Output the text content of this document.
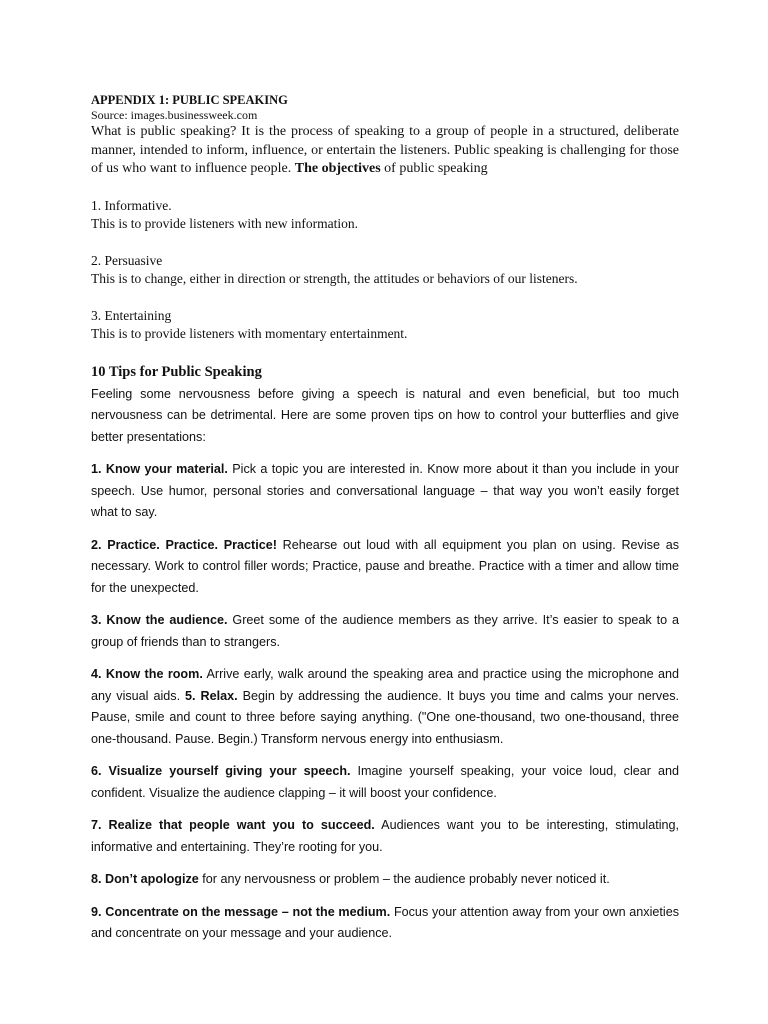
APPENDIX 1: PUBLIC SPEAKING

Source: images.businessweek.com

What is public speaking? It is the process of speaking to a group of people in a structured, deliberate manner, intended to inform, influence, or entertain the listeners. Public speaking is challenging for those of us who want to influence people. The objectives of public speaking

1. Informative.
This is to provide listeners with new information.
2. Persuasive
This is to change, either in direction or strength, the attitudes or behaviors of our listeners.
3. Entertaining
This is to provide listeners with momentary entertainment.

10 Tips for Public Speaking

Feeling some nervousness before giving a speech is natural and even beneficial, but too much nervousness can be detrimental. Here are some proven tips on how to control your butterflies and give better presentations:

1. Know your material. Pick a topic you are interested in. Know more about it than you include in your speech. Use humor, personal stories and conversational language – that way you won’t easily forget what to say.

2. Practice. Practice. Practice! Rehearse out loud with all equipment you plan on using. Revise as necessary. Work to control filler words; Practice, pause and breathe. Practice with a timer and allow time for the unexpected.

3. Know the audience. Greet some of the audience members as they arrive. It’s easier to speak to a group of friends than to strangers.

4. Know the room. Arrive early, walk around the speaking area and practice using the microphone and any visual aids. 5. Relax. Begin by addressing the audience. It buys you time and calms your nerves. Pause, smile and count to three before saying anything. ("One one-thousand, two one-thousand, three one-thousand. Pause. Begin.) Transform nervous energy into enthusiasm.

6. Visualize yourself giving your speech. Imagine yourself speaking, your voice loud, clear and confident. Visualize the audience clapping – it will boost your confidence.

7. Realize that people want you to succeed. Audiences want you to be interesting, stimulating, informative and entertaining. They’re rooting for you.

8. Don’t apologize for any nervousness or problem – the audience probably never noticed it.

9. Concentrate on the message – not the medium. Focus your attention away from your own anxieties and concentrate on your message and your audience.
